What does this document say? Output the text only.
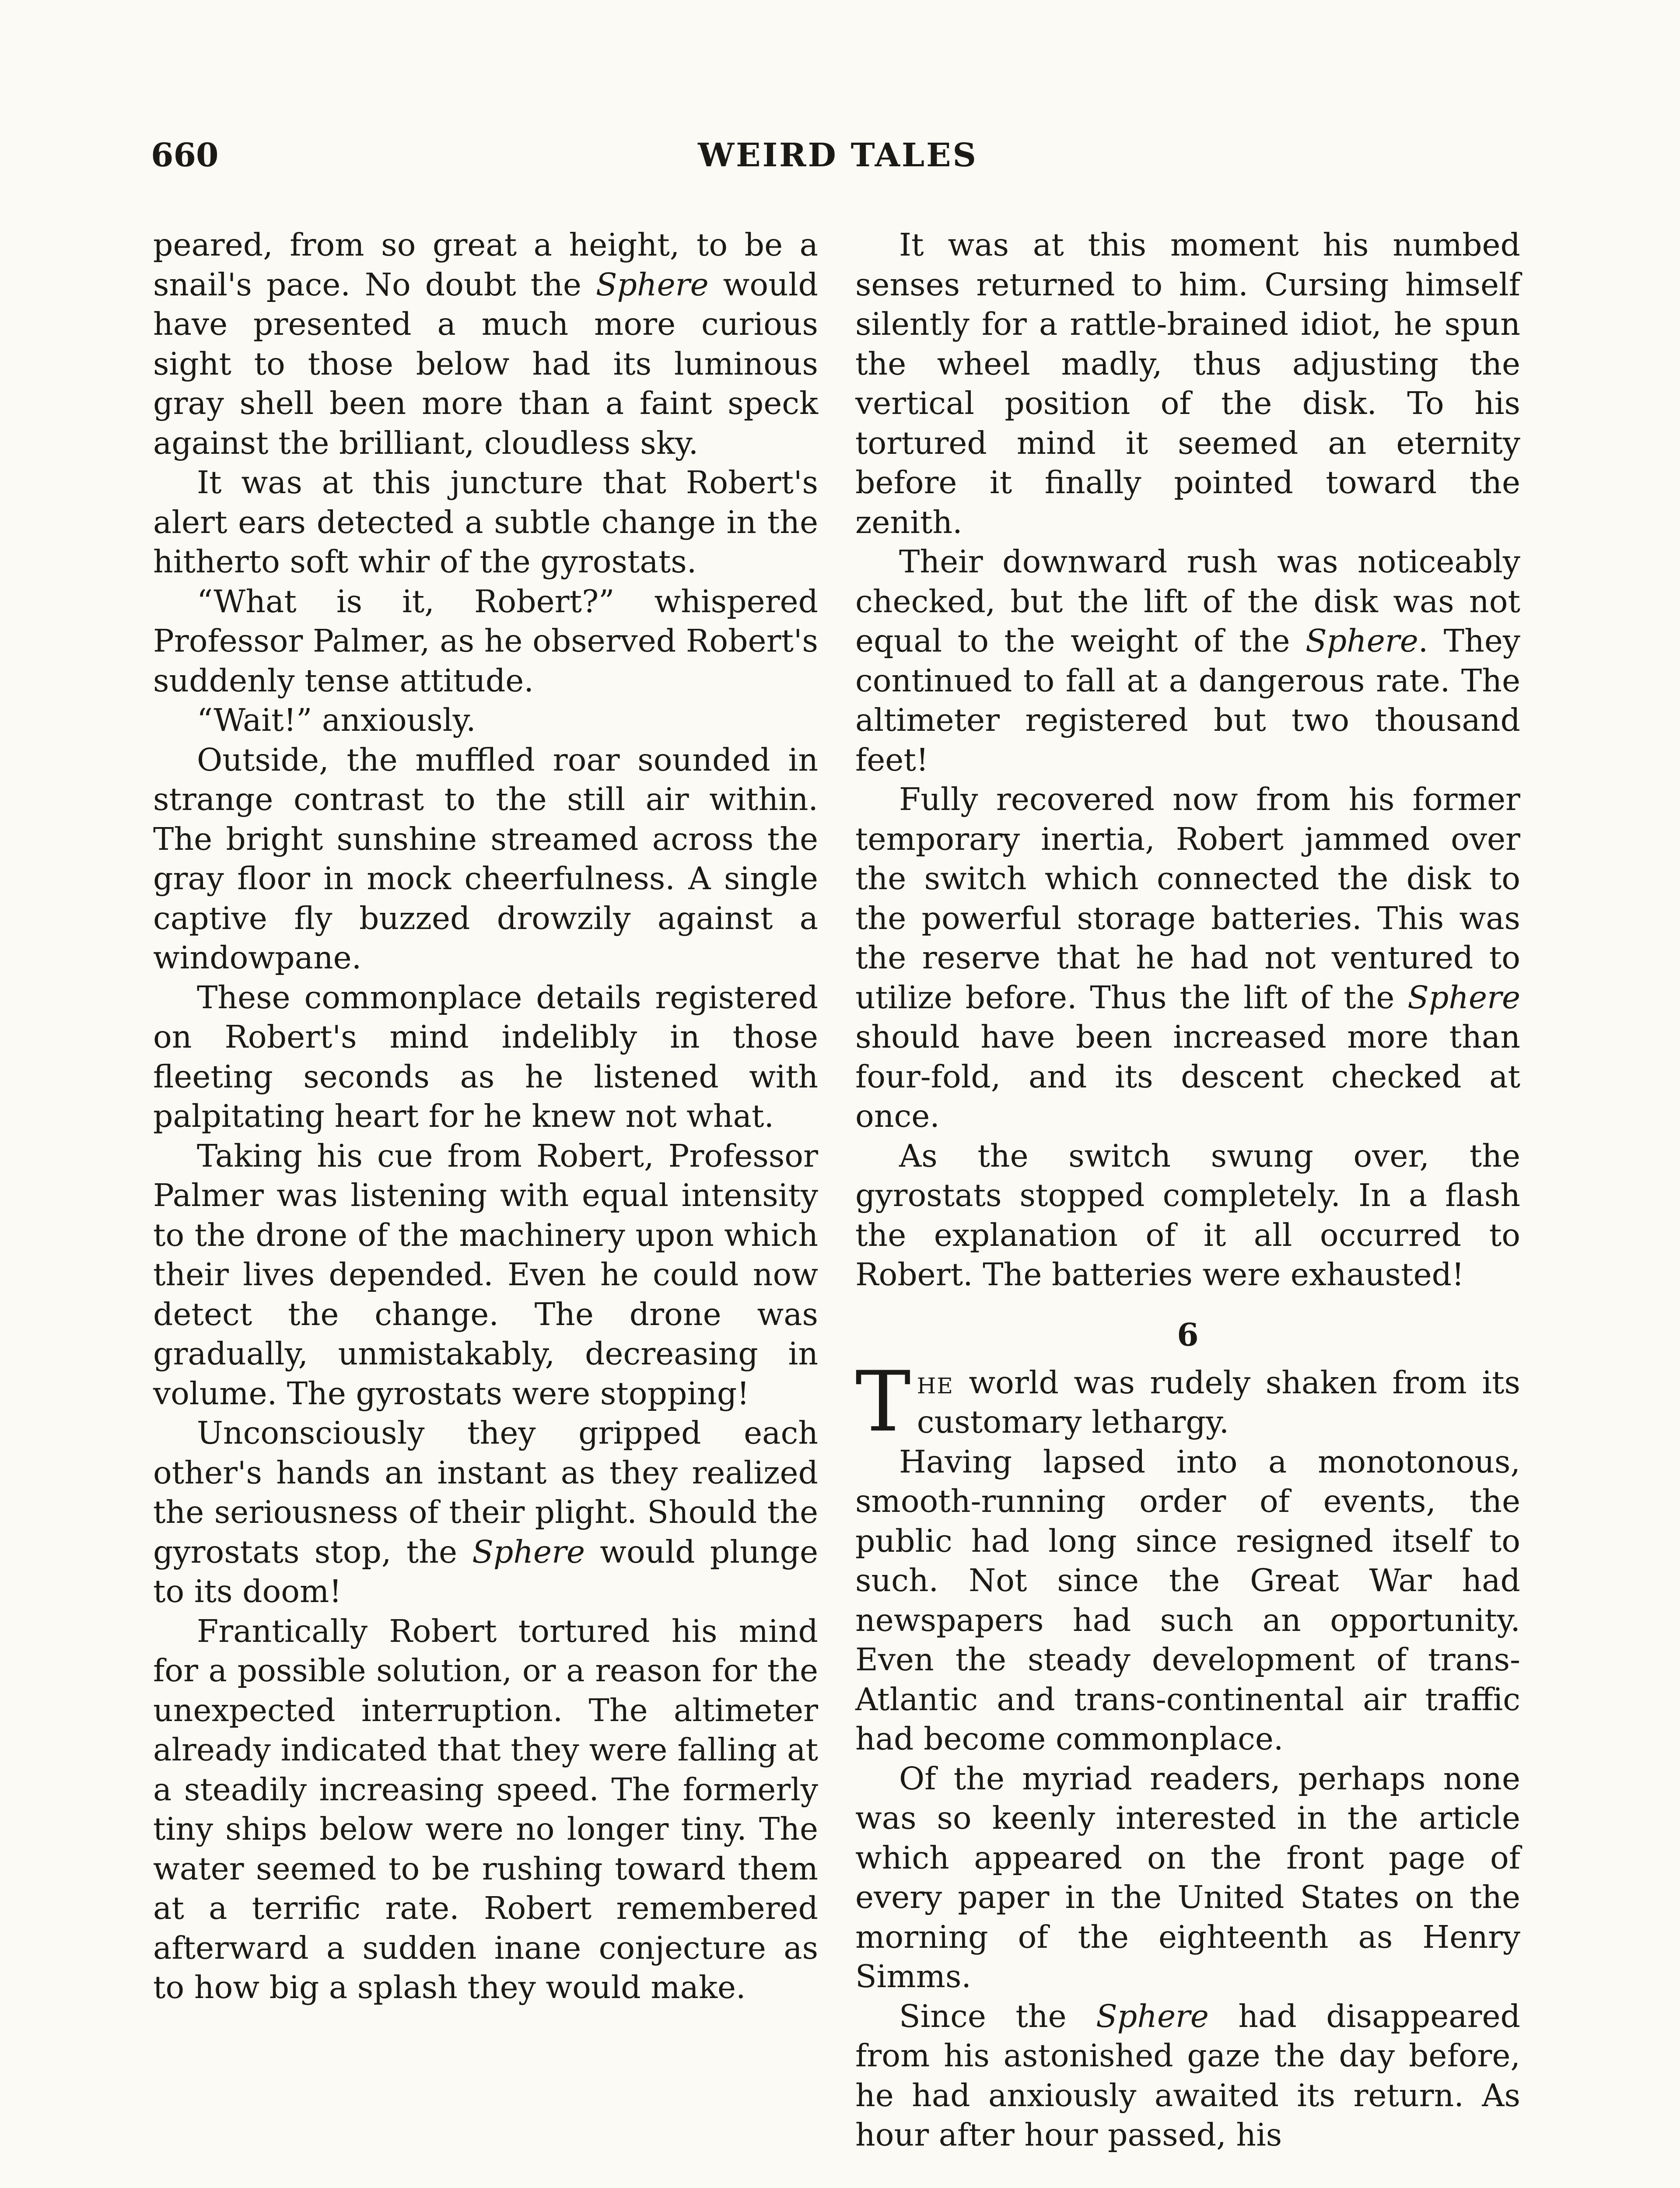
660	WEIRD TALES

peared, from so great a height, to be a snail's pace. No doubt the Sphere would have presented a much more curious sight to those below had its luminous gray shell been more than a faint speck against the brilliant, cloudless sky.

It was at this juncture that Robert's alert ears detected a subtle change in the hitherto soft whir of the gyrostats.

“What is it, Robert?” whispered Professor Palmer, as he observed Robert's suddenly tense attitude.

“Wait!” anxiously.

Outside, the muffled roar sounded in strange contrast to the still air within. The bright sunshine streamed across the gray floor in mock cheerfulness. A single captive fly buzzed drowzily against a windowpane.

These commonplace details registered on Robert's mind indelibly in those fleeting seconds as he listened with palpitating heart for he knew not what.

Taking his cue from Robert, Professor Palmer was listening with equal intensity to the drone of the machinery upon which their lives depended. Even he could now detect the change. The drone was gradually, unmistakably, decreasing in volume. The gyrostats were stopping!

Unconsciously they gripped each other's hands an instant as they realized the seriousness of their plight. Should the gyrostats stop, the Sphere would plunge to its doom!

Frantically Robert tortured his mind for a possible solution, or a reason for the unexpected interruption. The altimeter already indicated that they were falling at a steadily increasing speed. The formerly tiny ships below were no longer tiny. The water seemed to be rushing toward them at a terrific rate. Robert remembered afterward a sudden inane conjecture as to how big a splash they would make.

It was at this moment his numbed senses returned to him. Cursing himself silently for a rattle-brained idiot, he spun the wheel madly, thus adjusting the vertical position of the disk. To his tortured mind it seemed an eternity before it finally pointed toward the zenith.

Their downward rush was noticeably checked, but the lift of the disk was not equal to the weight of the Sphere. They continued to fall at a dangerous rate. The altimeter registered but two thousand feet!

Fully recovered now from his former temporary inertia, Robert jammed over the switch which connected the disk to the powerful storage batteries. This was the reserve that he had not ventured to utilize before. Thus the lift of the Sphere should have been increased more than four-fold, and its descent checked at once.

As the switch swung over, the gyrostats stopped completely. In a flash the explanation of it all occurred to Robert. The batteries were exhausted!

6

The world was rudely shaken from its customary lethargy.

Having lapsed into a monotonous, smooth-running order of events, the public had long since resigned itself to such. Not since the Great War had newspapers had such an opportunity. Even the steady development of trans-Atlantic and trans-continental air traffic had become commonplace.

Of the myriad readers, perhaps none was so keenly interested in the article which appeared on the front page of every paper in the United States on the morning of the eighteenth as Henry Simms.

Since the Sphere had disappeared from his astonished gaze the day before, he had anxiously awaited its return. As hour after hour passed, his
